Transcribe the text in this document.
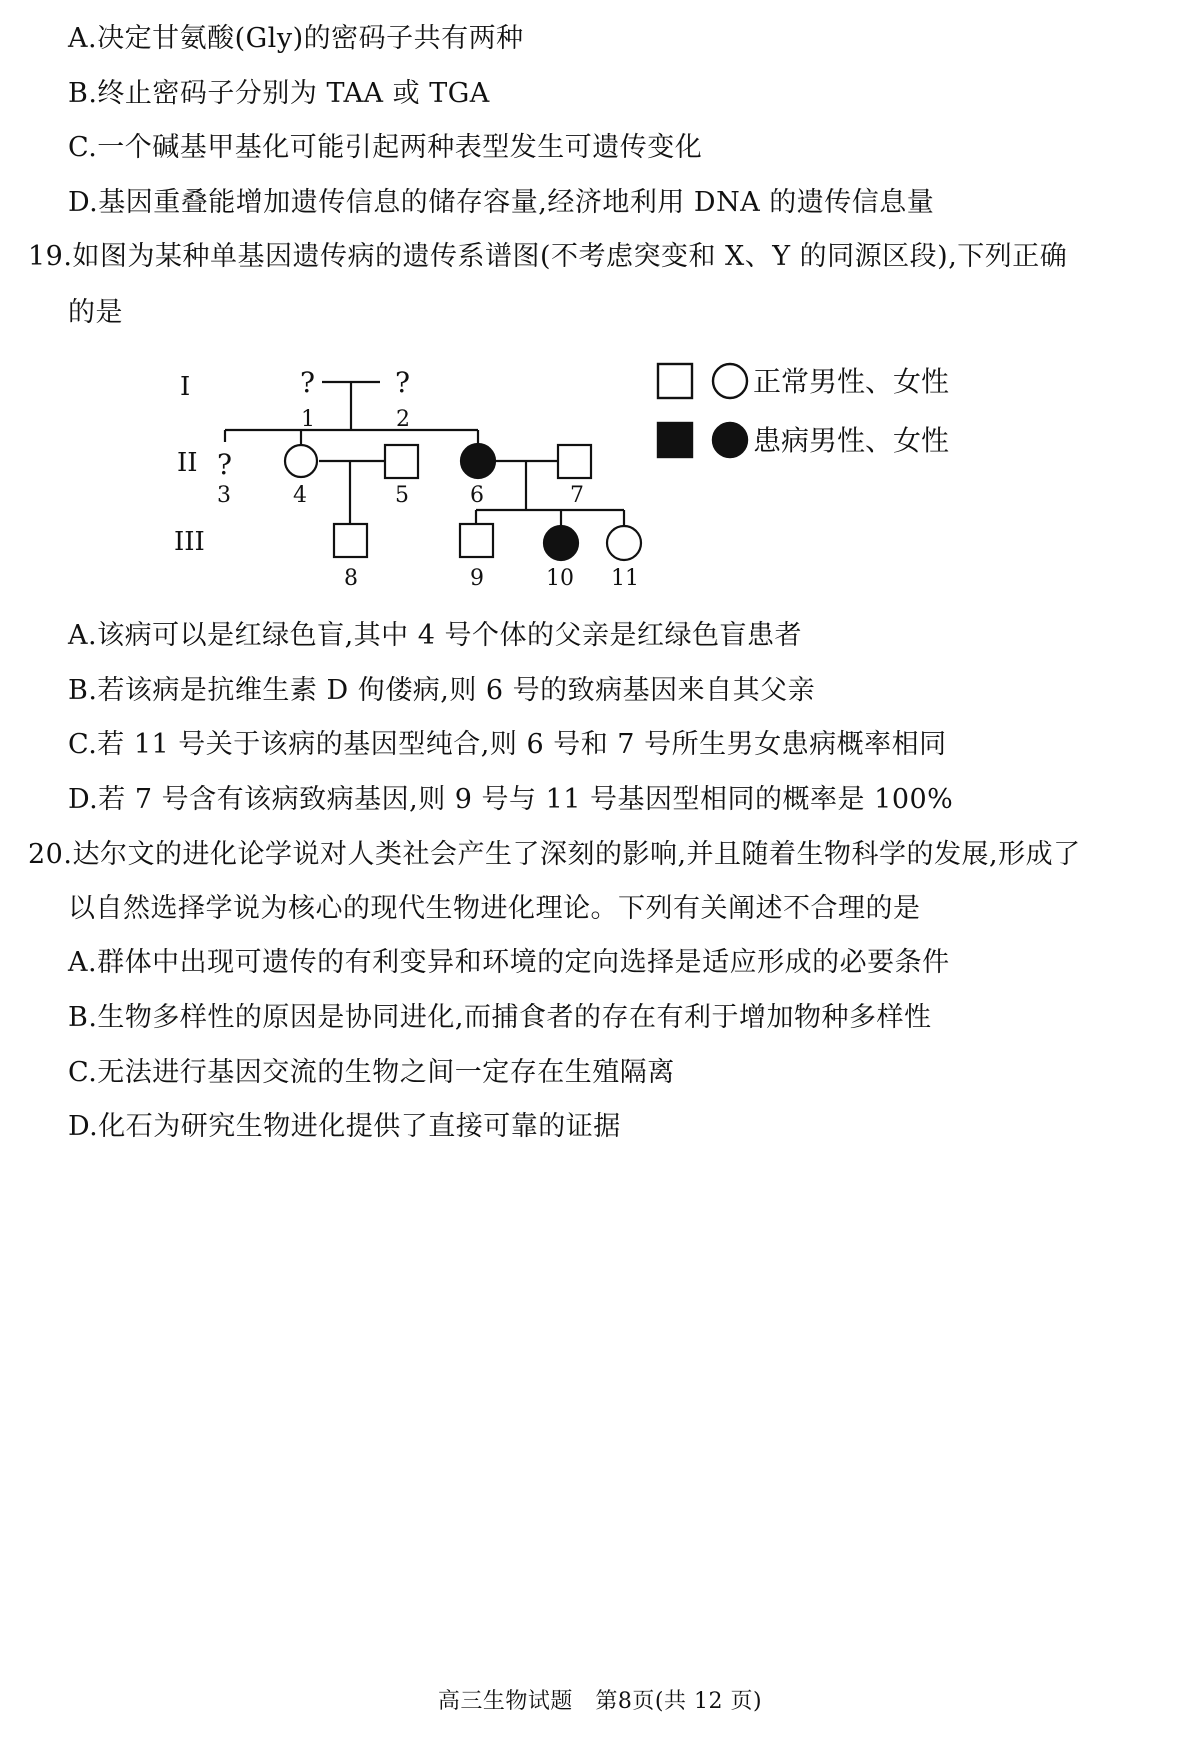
A.决定甘氨酸(Gly)的密码子共有两种
B.终止密码子分别为 TAA 或 TGA
C.一个碱基甲基化可能引起两种表型发生可遗传变化
D.基因重叠能增加遗传信息的储存容量,经济地利用 DNA 的遗传信息量
19.如图为某种单基因遗传病的遗传系谱图(不考虑突变和 X、Y 的同源区段),下列正确
的是
I
II
III
?
1
?
2
?
3	4	5	6	7
8	9	10 11
正常男性、女性
患病男性、女性
A.该病可以是红绿色盲,其中 4 号个体的父亲是红绿色盲患者
B.若该病是抗维生素 D 佝偻病,则 6 号的致病基因来自其父亲
C.若 11 号关于该病的基因型纯合,则 6 号和 7 号所生男女患病概率相同
D.若 7 号含有该病致病基因,则 9 号与 11 号基因型相同的概率是 100%
20.达尔文的进化论学说对人类社会产生了深刻的影响,并且随着生物科学的发展,形成了
以自然选择学说为核心的现代生物进化理论。下列有关阐述不合理的是
A.群体中出现可遗传的有利变异和环境的定向选择是适应形成的必要条件
B.生物多样性的原因是协同进化,而捕食者的存在有利于增加物种多样性
C.无法进行基因交流的生物之间一定存在生殖隔离
D.化石为研究生物进化提供了直接可靠的证据
高三生物试题　第8页(共 12 页)
